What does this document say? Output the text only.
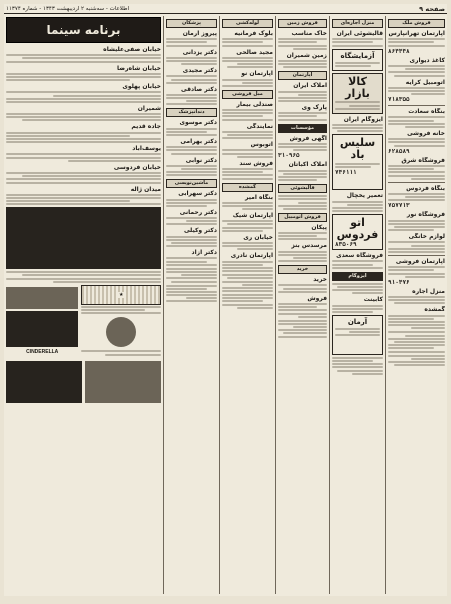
صفحه ۹
اطلاعات - سه‌شنبه ۲ اردیبهشت ۱۳۴۳ - شماره ۱۱۳۷۴
فروش ملک
آپارتمان تهرانپارس
۸۶۴۴۴۸
کاغذ دیواری
اتومبیل کرایه
۷۱۸۳۵۵
بنگاه سعادت
خانه فروشی
۶۲۸۵۸۹
فروشگاه شرق
بنگاه فردوس
۷۵۷۷۱۳
فروشگاه نور
لوازم خانگی
آپارتمان فروشی
۹۱۰۴۷۶
منزل اجاره
گمشده
منزل اجاره‌ای
قالیشوئی ایران
آزمایشگاه
کالا بازار
ایزوگام ایران
سلیس باد
۷۴۶۱۱۱
تعمیر یخچال
اتو فردوس
۸۳۵۰۶۹
فروشگاه سعدی
ایزوگام
کابینت
آرمان
فروش زمین
خاک مناسب
زمین شمیران
آپارتمان
املاک ایران
پارک وی
مؤسسات
آگهی فروش
۳۱۰۹۶۵
املاک اکباتان
قالیشوئی
فروش اتومبیل
پیکان
مرسدس بنز
خرید
خرید
فروش
لوله‌کشی
بلوک فرمانیه
مجید صالحی
آپارتمان نو
مبل فروشی
صندلی بیمار
نمایندگی
اتوبوس
فروش سند
گمشده
بنگاه امیر
آپارتمان شیک
خیابان ری
آپارتمان نادری
پزشکان
پیروز آرمان
دکتر یزدانی
دکتر مجیدی
دکتر صادقی
دندانپزشک
دکتر موسوی
دکتر بهرامی
دکتر نوابی
ماشین‌نویسی
دکتر سهرابی
دکتر رحمانی
دکتر وکیلی
دکتر آزاد
برنامه سینما
خیابان صفی‌علیشاه
خیابان شاه‌رضا
خیابان پهلوی
شمیران
جاده قدیم
یوسف‌آباد
خیابان فردوسی
میدان ژاله
CINDERELLA
★
